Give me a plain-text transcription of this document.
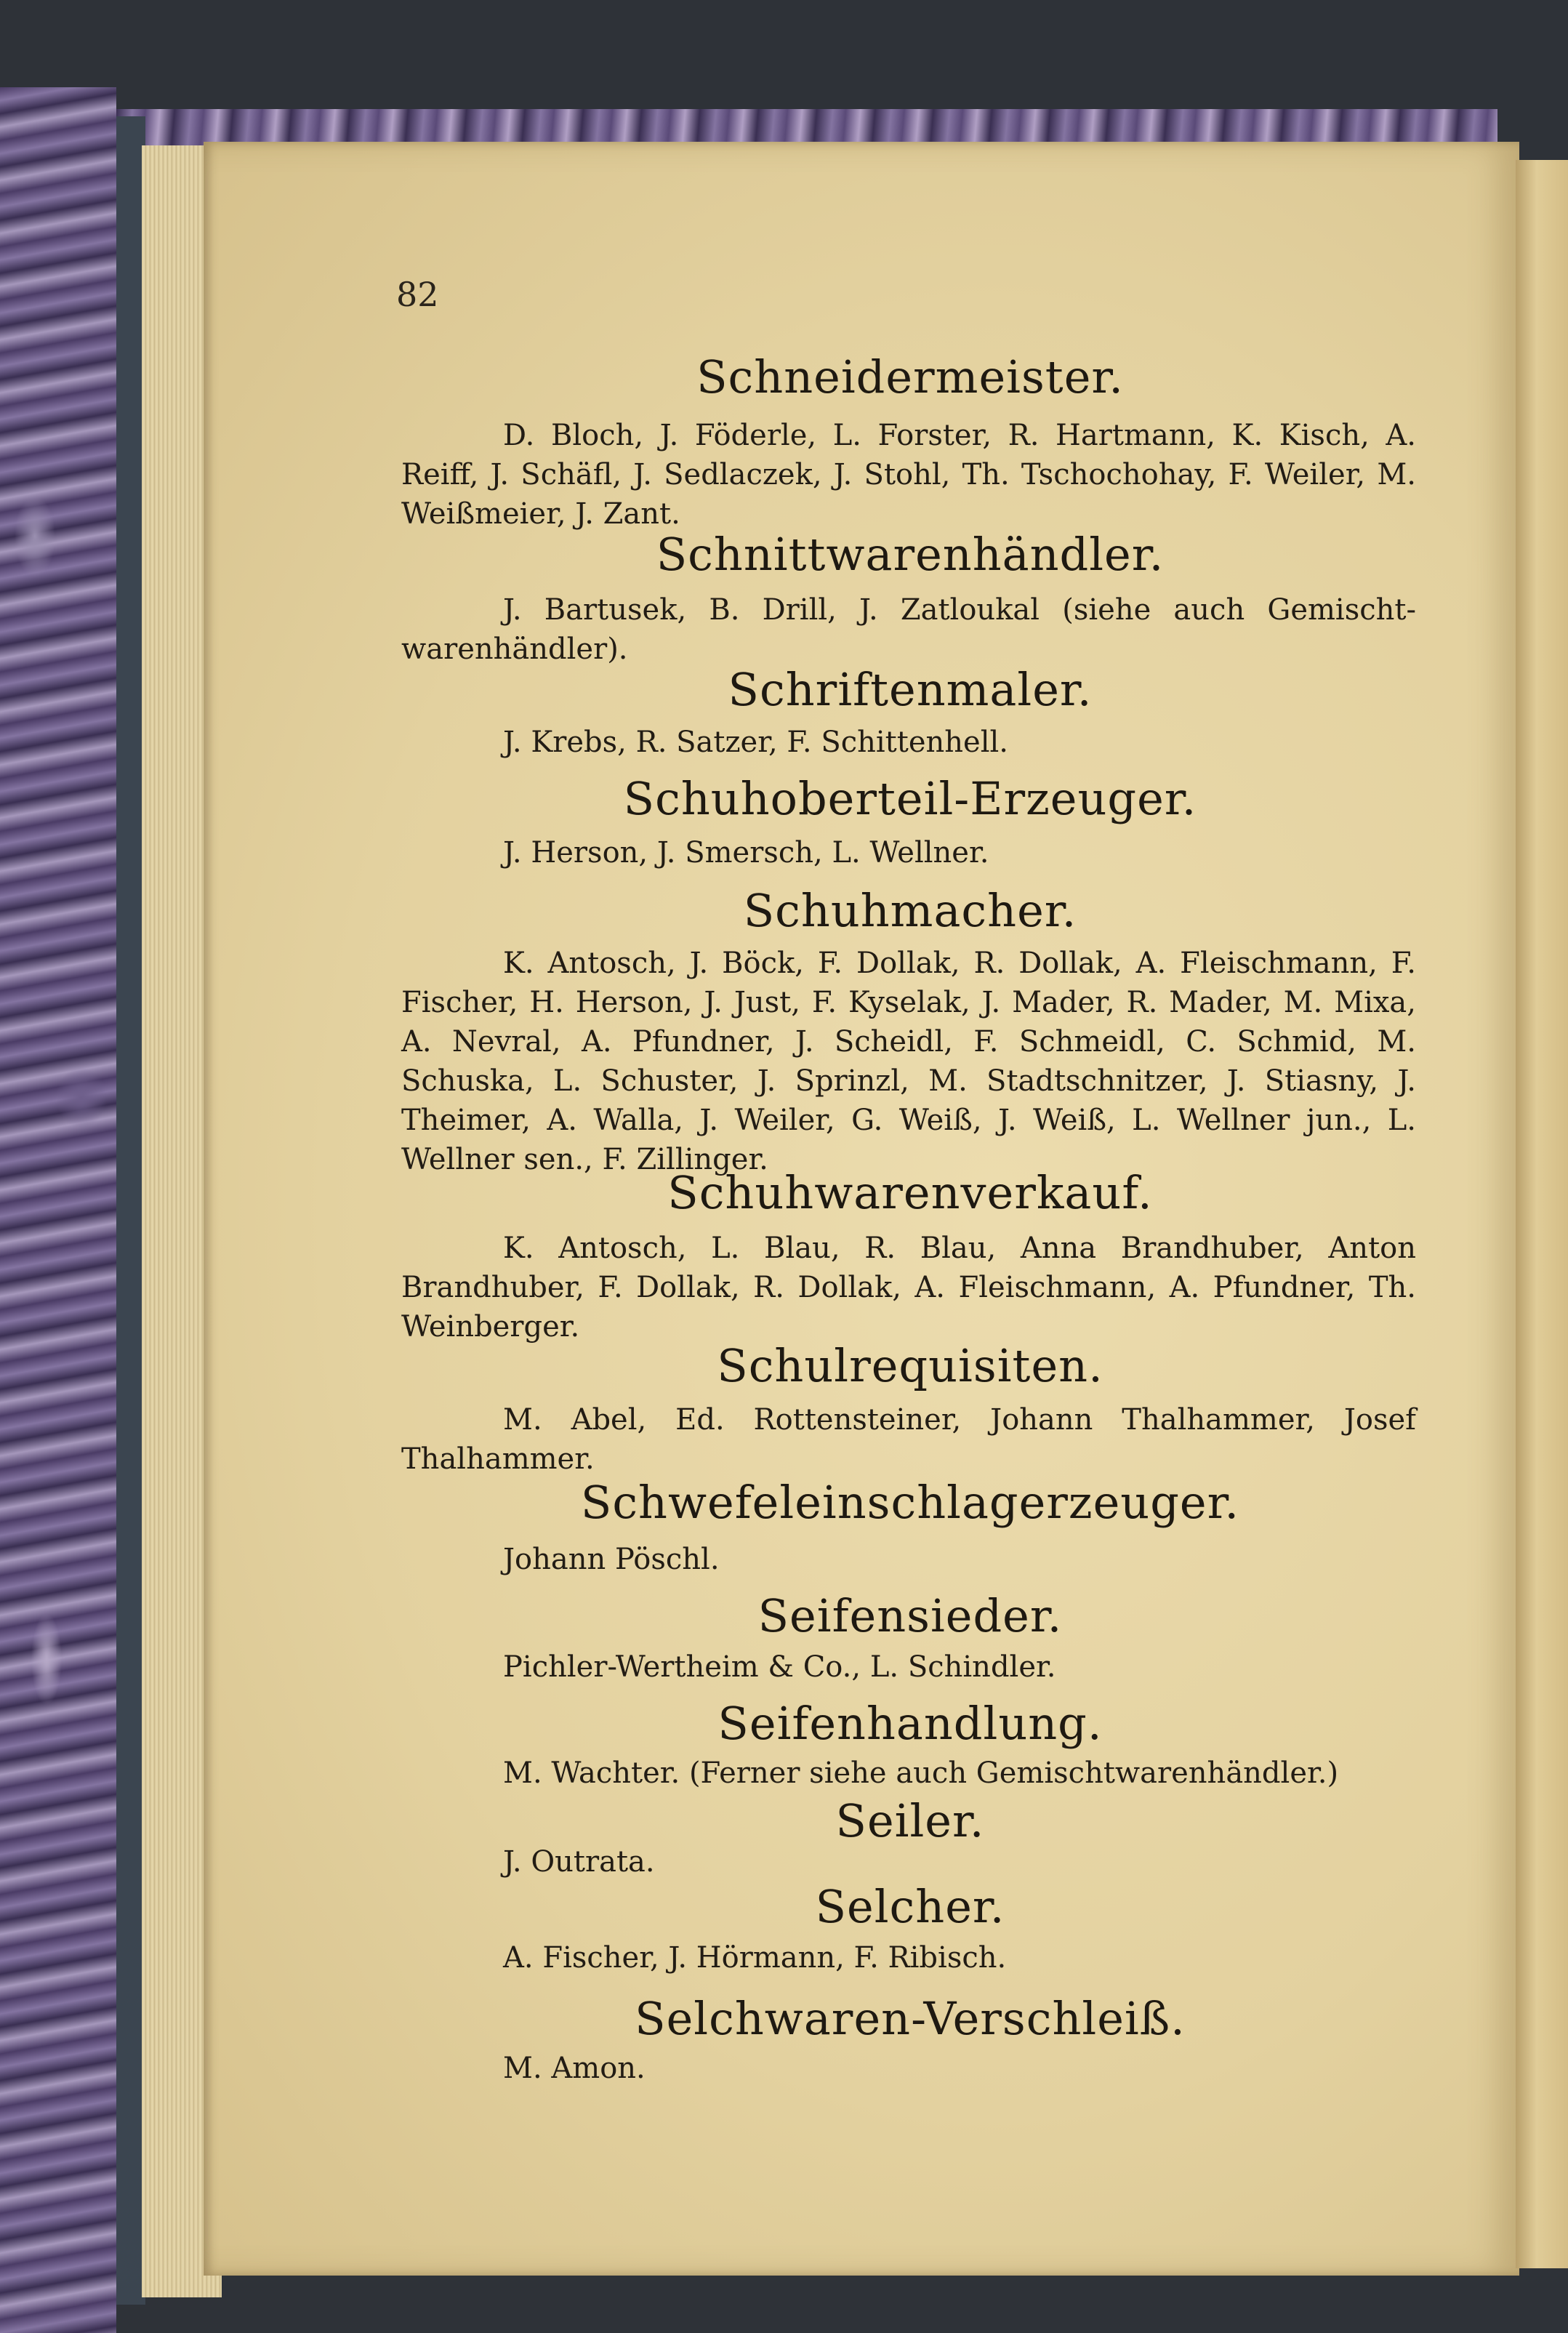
82
Schneidermeister.
D. Bloch, J. Föderle, L. Forster, R. Hartmann, K. Kisch, A. Reiff, J. Schäfl, J. Sedlaczek, J. Stohl, Th. Tschochohay, F. Weiler, M. Weißmeier, J. Zant.
Schnittwarenhändler.
J. Bartusek, B. Drill, J. Zatloukal (siehe auch Gemischtwarenhändler).
Schriftenmaler.
J. Krebs, R. Satzer, F. Schittenhell.
Schuhoberteil-Erzeuger.
J. Herson, J. Smersch, L. Wellner.
Schuhmacher.
K. Antosch, J. Böck, F. Dollak, R. Dollak, A. Fleischmann, F. Fischer, H. Herson, J. Just, F. Kyselak, J. Mader, R. Mader, M. Mixa, A. Nevral, A. Pfundner, J. Scheidl, F. Schmeidl, C. Schmid, M. Schuska, L. Schuster, J. Sprinzl, M. Stadtschnitzer, J. Stiasny, J. Theimer, A. Walla, J. Weiler, G. Weiß, J. Weiß, L. Wellner jun., L. Wellner sen., F. Zillinger.
Schuhwarenverkauf.
K. Antosch, L. Blau, R. Blau, Anna Brandhuber, Anton Brandhuber, F. Dollak, R. Dollak, A. Fleischmann, A. Pfundner, Th. Weinberger.
Schulrequisiten.
M. Abel, Ed. Rottensteiner, Johann Thalhammer, Josef Thalhammer.
Schwefeleinschlagerzeuger.
Johann Pöschl.
Seifensieder.
Pichler-Wertheim & Co., L. Schindler.
Seifenhandlung.
M. Wachter. (Ferner siehe auch Gemischtwarenhändler.)
Seiler.
J. Outrata.
Selcher.
A. Fischer, J. Hörmann, F. Ribisch.
Selchwaren-Verschleiß.
M. Amon.
